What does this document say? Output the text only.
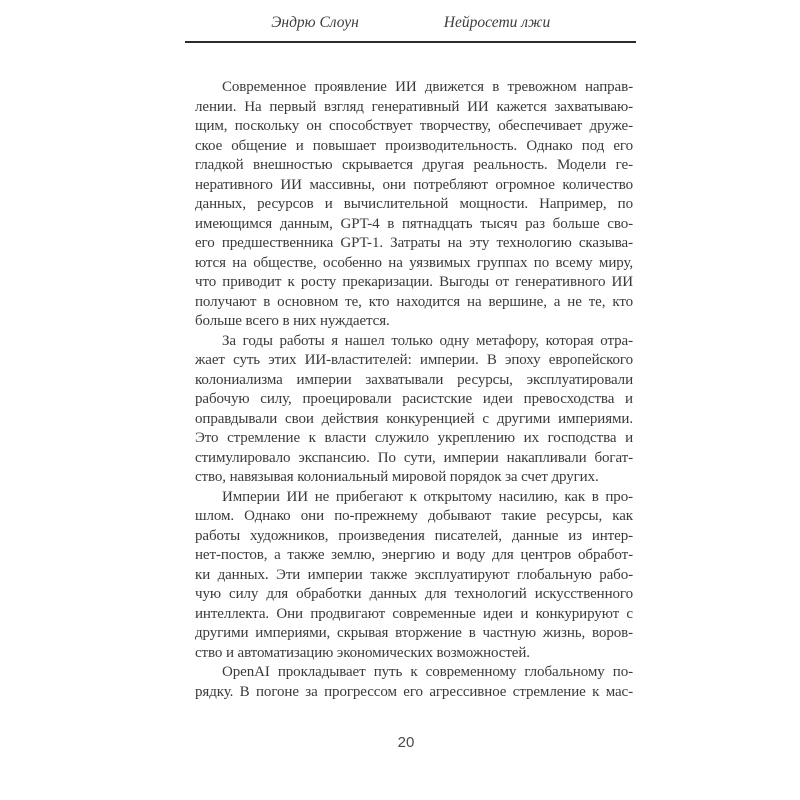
Эндрю Слоун	Нейросети лжи
Современное проявление ИИ движется в тревожном направ-
лении. На первый взгляд генеративный ИИ кажется захватываю-
щим, поскольку он способствует творчеству, обеспечивает друже-
ское общение и повышает производительность. Однако под его
гладкой внешностью скрывается другая реальность. Модели ге-
неративного ИИ массивны, они потребляют огромное количество
данных, ресурсов и вычислительной мощности. Например, по
имеющимся данным, GPT-4 в пятнадцать тысяч раз больше сво-
его предшественника GPT-1. Затраты на эту технологию сказыва-
ются на обществе, особенно на уязвимых группах по всему миру,
что приводит к росту прекаризации. Выгоды от генеративного ИИ
получают в основном те, кто находится на вершине, а не те, кто
больше всего в них нуждается.
За годы работы я нашел только одну метафору, которая отра-
жает суть этих ИИ-властителей: империи. В эпоху европейского
колониализма империи захватывали ресурсы, эксплуатировали
рабочую силу, проецировали расистские идеи превосходства и
оправдывали свои действия конкуренцией с другими империями.
Это стремление к власти служило укреплению их господства и
стимулировало экспансию. По сути, империи накапливали богат-
ство, навязывая колониальный мировой порядок за счет других.
Империи ИИ не прибегают к открытому насилию, как в про-
шлом. Однако они по-прежнему добывают такие ресурсы, как
работы художников, произведения писателей, данные из интер-
нет-постов, а также землю, энергию и воду для центров обработ-
ки данных. Эти империи также эксплуатируют глобальную рабо-
чую силу для обработки данных для технологий искусственного
интеллекта. Они продвигают современные идеи и конкурируют с
другими империями, скрывая вторжение в частную жизнь, воров-
ство и автоматизацию экономических возможностей.
OpenAI прокладывает путь к современному глобальному по-
рядку. В погоне за прогрессом его агрессивное стремление к мас-
20
